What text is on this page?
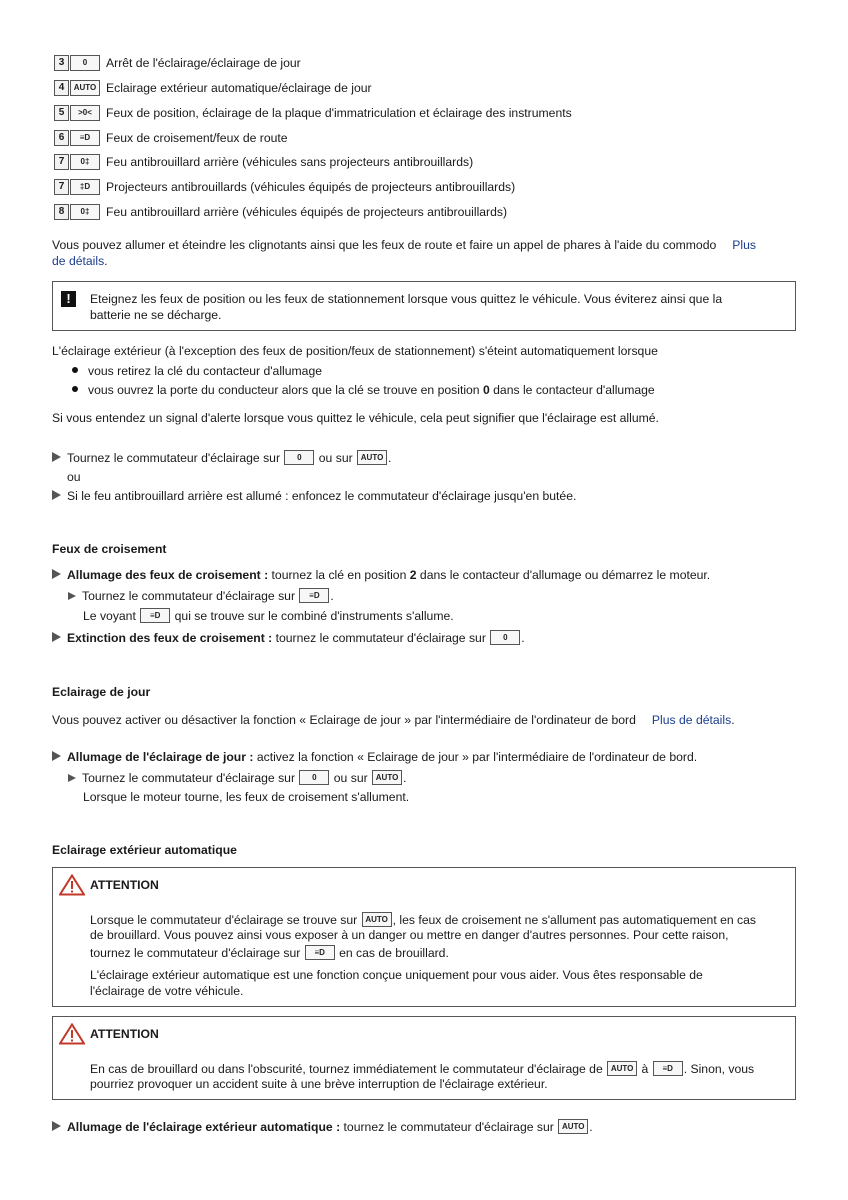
3	0	Arrêt de l'éclairage/éclairage de jour
4	AUTO Eclairage extérieur automatique/éclairage de jour
5	>0<	Feux de position, éclairage de la plaque d'immatriculation et éclairage des instruments
6	≡D	Feux de croisement/feux de route
7	0‡	Feu antibrouillard arrière (véhicules sans projecteurs antibrouillards)
7	‡D	Projecteurs antibrouillards (véhicules équipés de projecteurs antibrouillards)
8	0‡	Feu antibrouillard arrière (véhicules équipés de projecteurs antibrouillards)
Vous pouvez allumer et éteindre les clignotants ainsi que les feux de route et faire un appel de phares à l'aide du commodo Plus
de détails.
!	Eteignez les feux de position ou les feux de stationnement lorsque vous quittez le véhicule. Vous éviterez ainsi que la
batterie ne se décharge.
L'éclairage extérieur (à l'exception des feux de position/feux de stationnement) s'éteint automatiquement lorsque
vous retirez la clé du contacteur d'allumage
vous ouvrez la porte du conducteur alors que la clé se trouve en position 0 dans le contacteur d'allumage
Si vous entendez un signal d'alerte lorsque vous quittez le véhicule, cela peut signifier que l'éclairage est allumé.
Tournez le commutateur d'éclairage sur 0 ou sur AUTO .
ou
Si le feu antibrouillard arrière est allumé : enfoncez le commutateur d'éclairage jusqu'en butée.
Feux de croisement
Allumage des feux de croisement : tournez la clé en position 2 dans le contacteur d'allumage ou démarrez le moteur.
Tournez le commutateur d'éclairage sur ≡D .
Le voyant ≡D qui se trouve sur le combiné d'instruments s'allume.
Extinction des feux de croisement : tournez le commutateur d'éclairage sur 0 .
Eclairage de jour
Vous pouvez activer ou désactiver la fonction « Eclairage de jour » par l'intermédiaire de l'ordinateur de bord Plus de détails.
Allumage de l'éclairage de jour : activez la fonction « Eclairage de jour » par l'intermédiaire de l'ordinateur de bord.
Tournez le commutateur d'éclairage sur 0 ou sur AUTO .
Lorsque le moteur tourne, les feux de croisement s'allument.
Eclairage extérieur automatique
ATTENTION
Lorsque le commutateur d'éclairage se trouve sur AUTO , les feux de croisement ne s'allument pas automatiquement en cas
de brouillard. Vous pouvez ainsi vous exposer à un danger ou mettre en danger d'autres personnes. Pour cette raison,
tournez le commutateur d'éclairage sur ≡D en cas de brouillard.
L'éclairage extérieur automatique est une fonction conçue uniquement pour vous aider. Vous êtes responsable de
l'éclairage de votre véhicule.
ATTENTION
En cas de brouillard ou dans l'obscurité, tournez immédiatement le commutateur d'éclairage de AUTO à ≡D . Sinon, vous
pourriez provoquer un accident suite à une brève interruption de l'éclairage extérieur.
Allumage de l'éclairage extérieur automatique : tournez le commutateur d'éclairage sur AUTO .
